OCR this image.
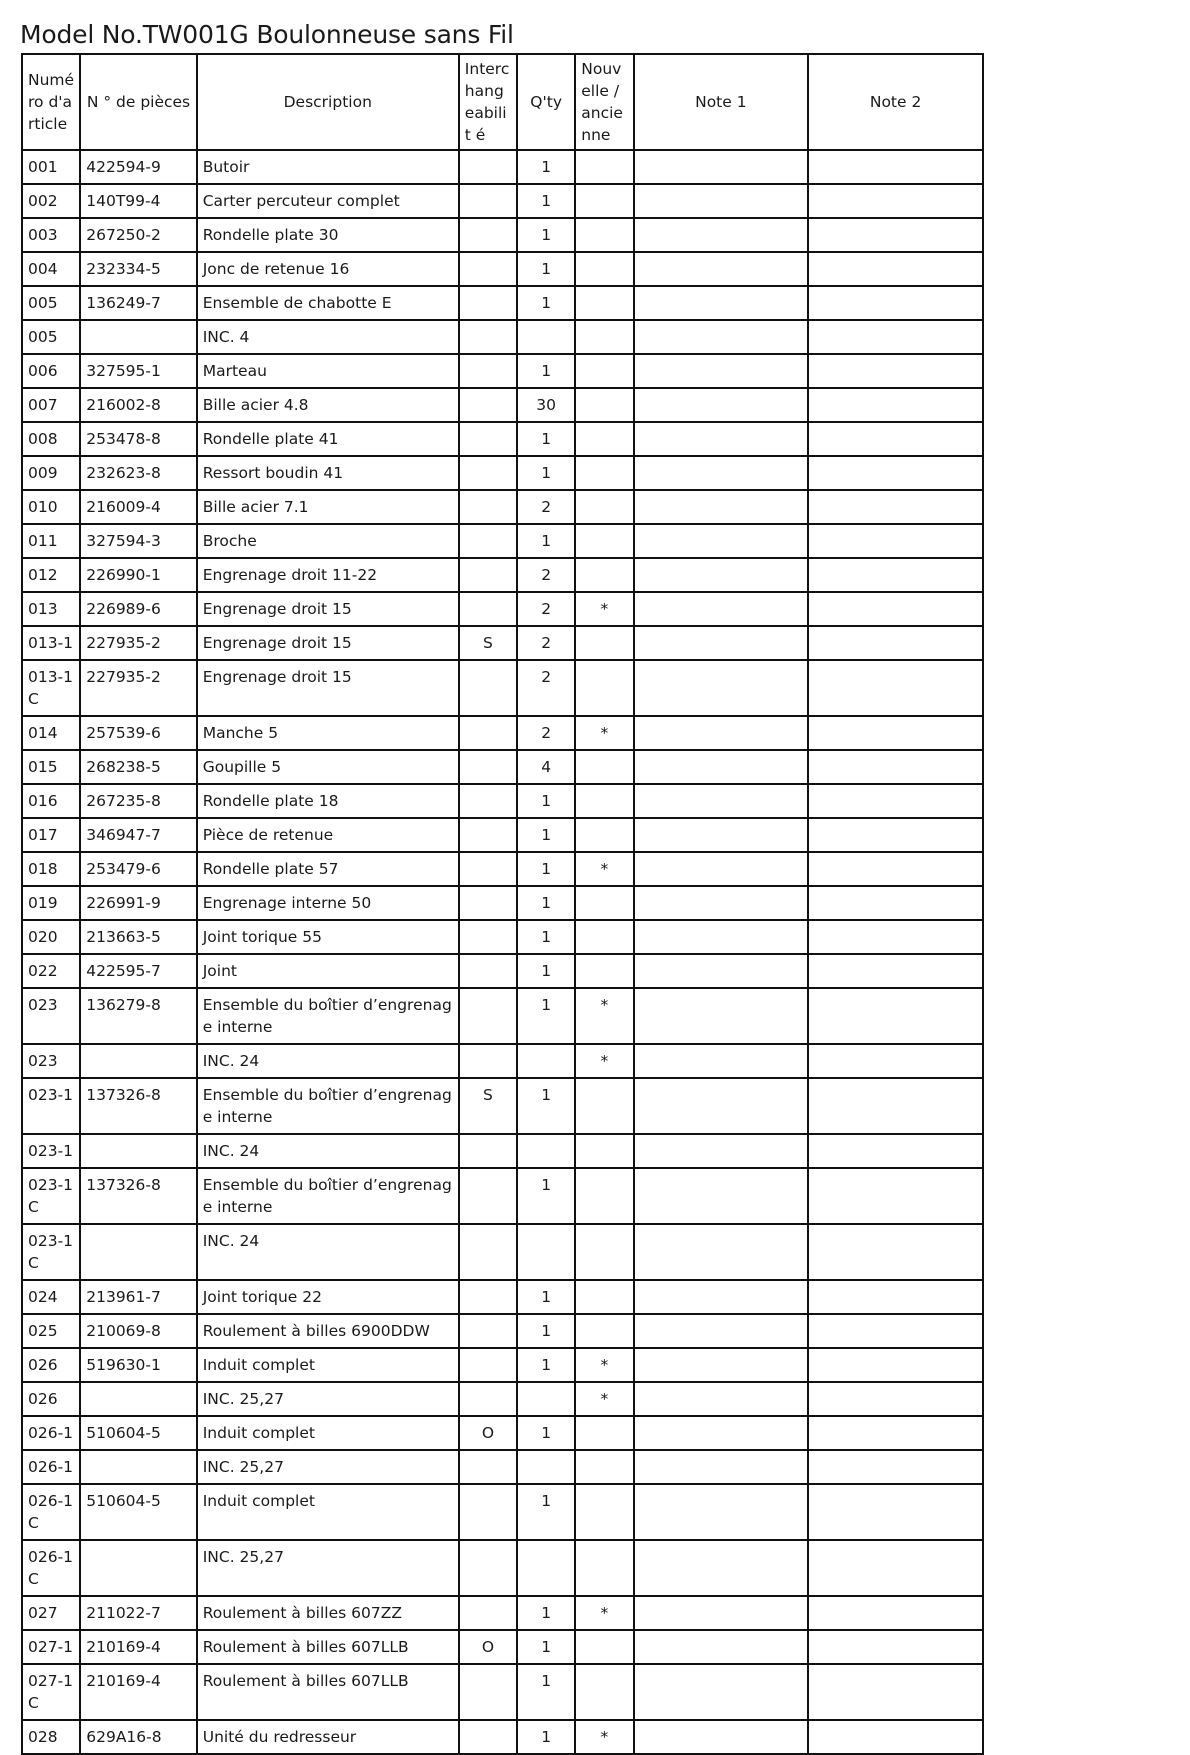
Model No.TW001G Boulonneuse sans Fil
Numé ro d'a rticle	N ° de pièces	Description	Interc hang eabilit é	Q'ty	Nouv elle / ancie nne	Note 1	Note 2
001	422594-9	Butoir		1			
002	140T99-4	Carter percuteur complet		1			
003	267250-2	Rondelle plate 30		1			
004	232334-5	Jonc de retenue 16		1			
005	136249-7	Ensemble de chabotte E		1			
005		INC. 4					
006	327595-1	Marteau		1			
007	216002-8	Bille acier 4.8		30			
008	253478-8	Rondelle plate 41		1			
009	232623-8	Ressort boudin 41		1			
010	216009-4	Bille acier 7.1		2			
011	327594-3	Broche		1			
012	226990-1	Engrenage droit 11-22		2			
013	226989-6	Engrenage droit 15		2	*		
013-1	227935-2	Engrenage droit 15	S	2			
013-1 C	227935-2	Engrenage droit 15		2			
014	257539-6	Manche 5		2	*		
015	268238-5	Goupille 5		4			
016	267235-8	Rondelle plate 18		1			
017	346947-7	Pièce de retenue		1			
018	253479-6	Rondelle plate 57		1	*		
019	226991-9	Engrenage interne 50		1			
020	213663-5	Joint torique 55		1			
022	422595-7	Joint		1			
023	136279-8	Ensemble du boîtier d’engrenage interne		1	*		
023		INC. 24			*		
023-1	137326-8	Ensemble du boîtier d’engrenage interne	S	1			
023-1		INC. 24					
023-1 C	137326-8	Ensemble du boîtier d’engrenage interne		1			
023-1 C		INC. 24					
024	213961-7	Joint torique 22		1			
025	210069-8	Roulement à billes 6900DDW		1			
026	519630-1	Induit complet		1	*		
026		INC. 25,27			*		
026-1	510604-5	Induit complet	O	1			
026-1		INC. 25,27					
026-1 C	510604-5	Induit complet		1			
026-1 C		INC. 25,27					
027	211022-7	Roulement à billes 607ZZ		1	*		
027-1	210169-4	Roulement à billes 607LLB	O	1			
027-1 C	210169-4	Roulement à billes 607LLB		1			
028	629A16-8	Unité du redresseur		1	*		
